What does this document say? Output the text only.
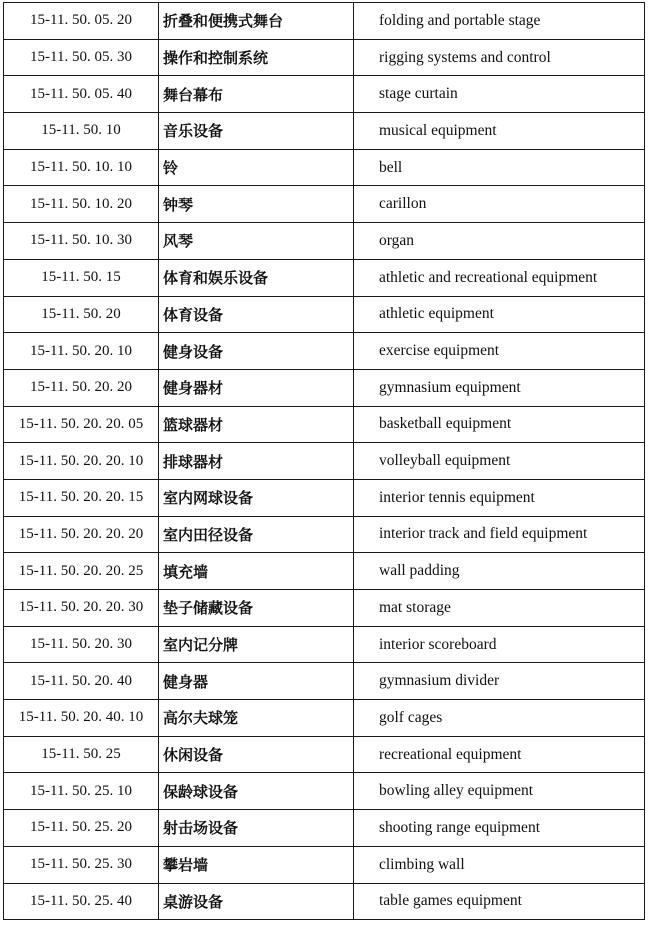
15-11. 50. 05. 20	折叠和便携式舞台	folding and portable stage
15-11. 50. 05. 30	操作和控制系统	rigging systems and control
15-11. 50. 05. 40	舞台幕布	stage curtain
15-11. 50. 10	音乐设备	musical equipment
15-11. 50. 10. 10	铃	bell
15-11. 50. 10. 20	钟琴	carillon
15-11. 50. 10. 30	风琴	organ
15-11. 50. 15	体育和娱乐设备	athletic and recreational equipment
15-11. 50. 20	体育设备	athletic equipment
15-11. 50. 20. 10	健身设备	exercise equipment
15-11. 50. 20. 20	健身器材	gymnasium equipment
15-11. 50. 20. 20. 05	篮球器材	basketball equipment
15-11. 50. 20. 20. 10	排球器材	volleyball equipment
15-11. 50. 20. 20. 15	室内网球设备	interior tennis equipment
15-11. 50. 20. 20. 20	室内田径设备	interior track and field equipment
15-11. 50. 20. 20. 25	填充墙	wall padding
15-11. 50. 20. 20. 30	垫子储藏设备	mat storage
15-11. 50. 20. 30	室内记分牌	interior scoreboard
15-11. 50. 20. 40	健身器	gymnasium divider
15-11. 50. 20. 40. 10	高尔夫球笼	golf cages
15-11. 50. 25	休闲设备	recreational equipment
15-11. 50. 25. 10	保龄球设备	bowling alley equipment
15-11. 50. 25. 20	射击场设备	shooting range equipment
15-11. 50. 25. 30	攀岩墙	climbing wall
15-11. 50. 25. 40	桌游设备	table games equipment
